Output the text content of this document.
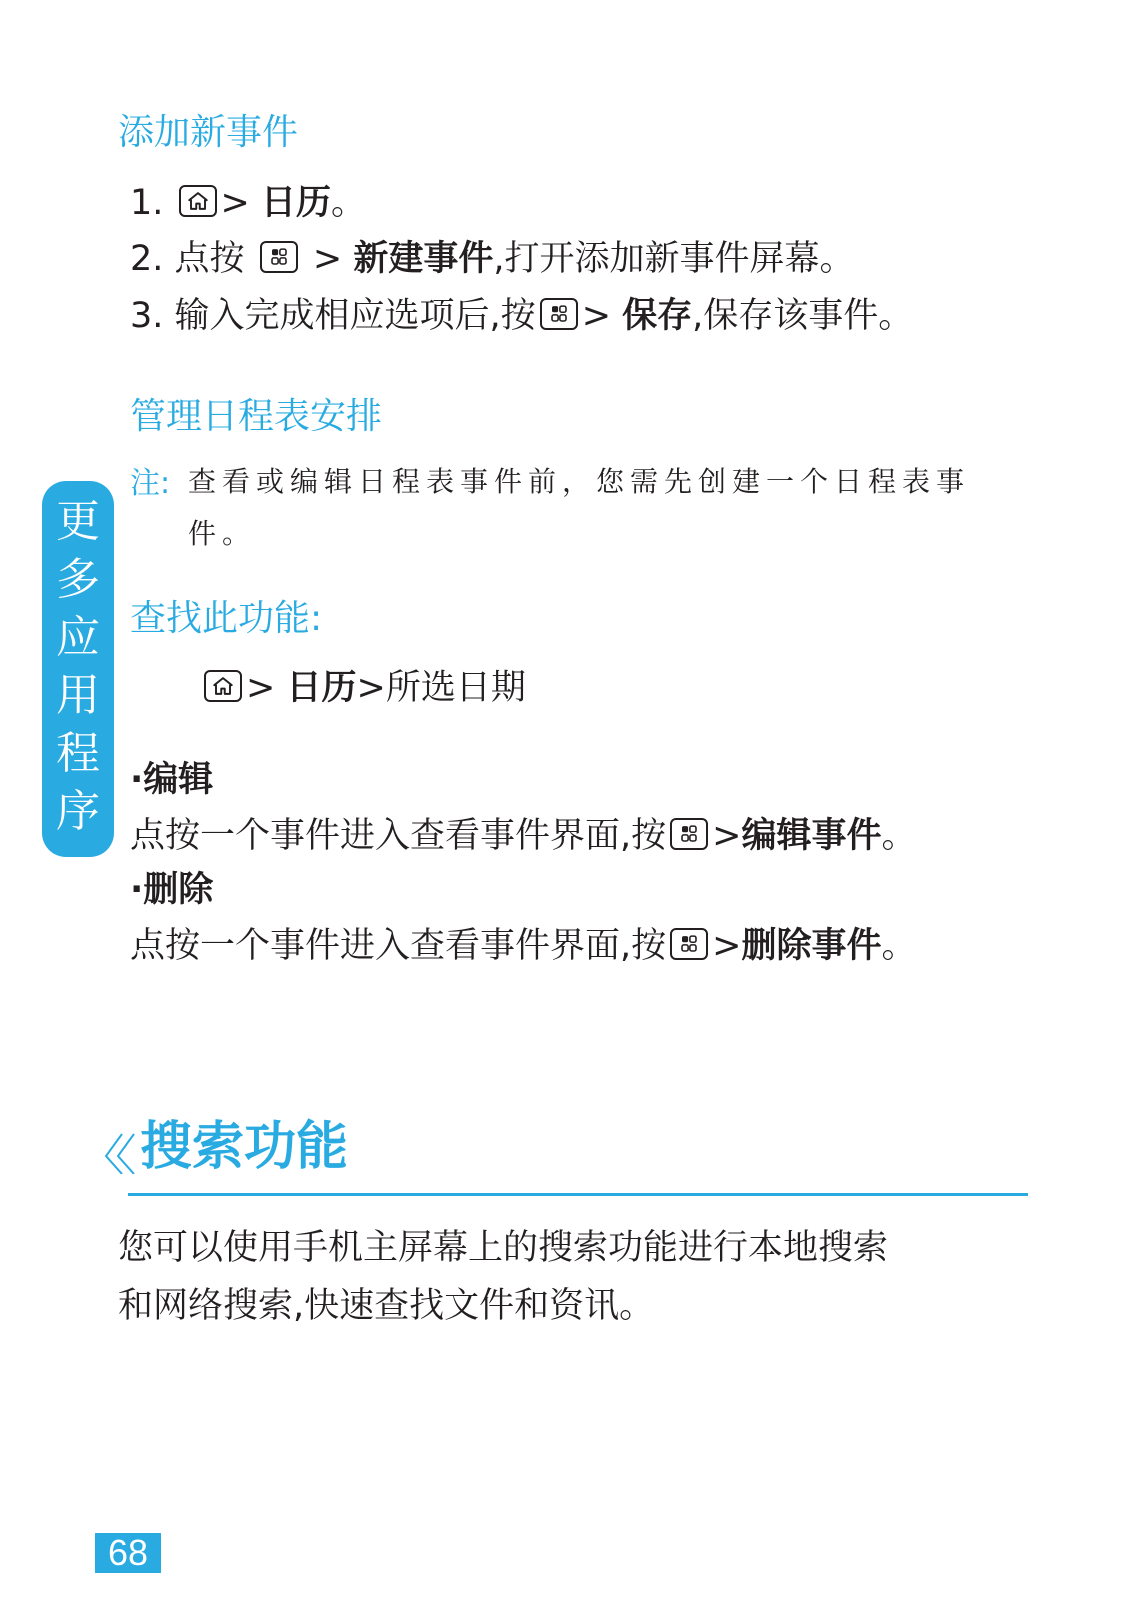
添加新事件
1. > 日历。
2. 点按 > 新建事件,打开添加新事件屏幕。
3. 输入完成相应选项后,按 > 保存,保存该事件。
管理日程表安排
注: 查看或编辑日程表事件前，您需先创建一个日程表事
件。
查找此功能:
> 日历>所选日期
·编辑
点按一个事件进入查看事件界面,按 >编辑事件。
·删除
点按一个事件进入查看事件界面,按 >删除事件。
更
多
应
用
程
序
搜索功能
您可以使用手机主屏幕上的搜索功能进行本地搜索
和网络搜索,快速查找文件和资讯。
68
